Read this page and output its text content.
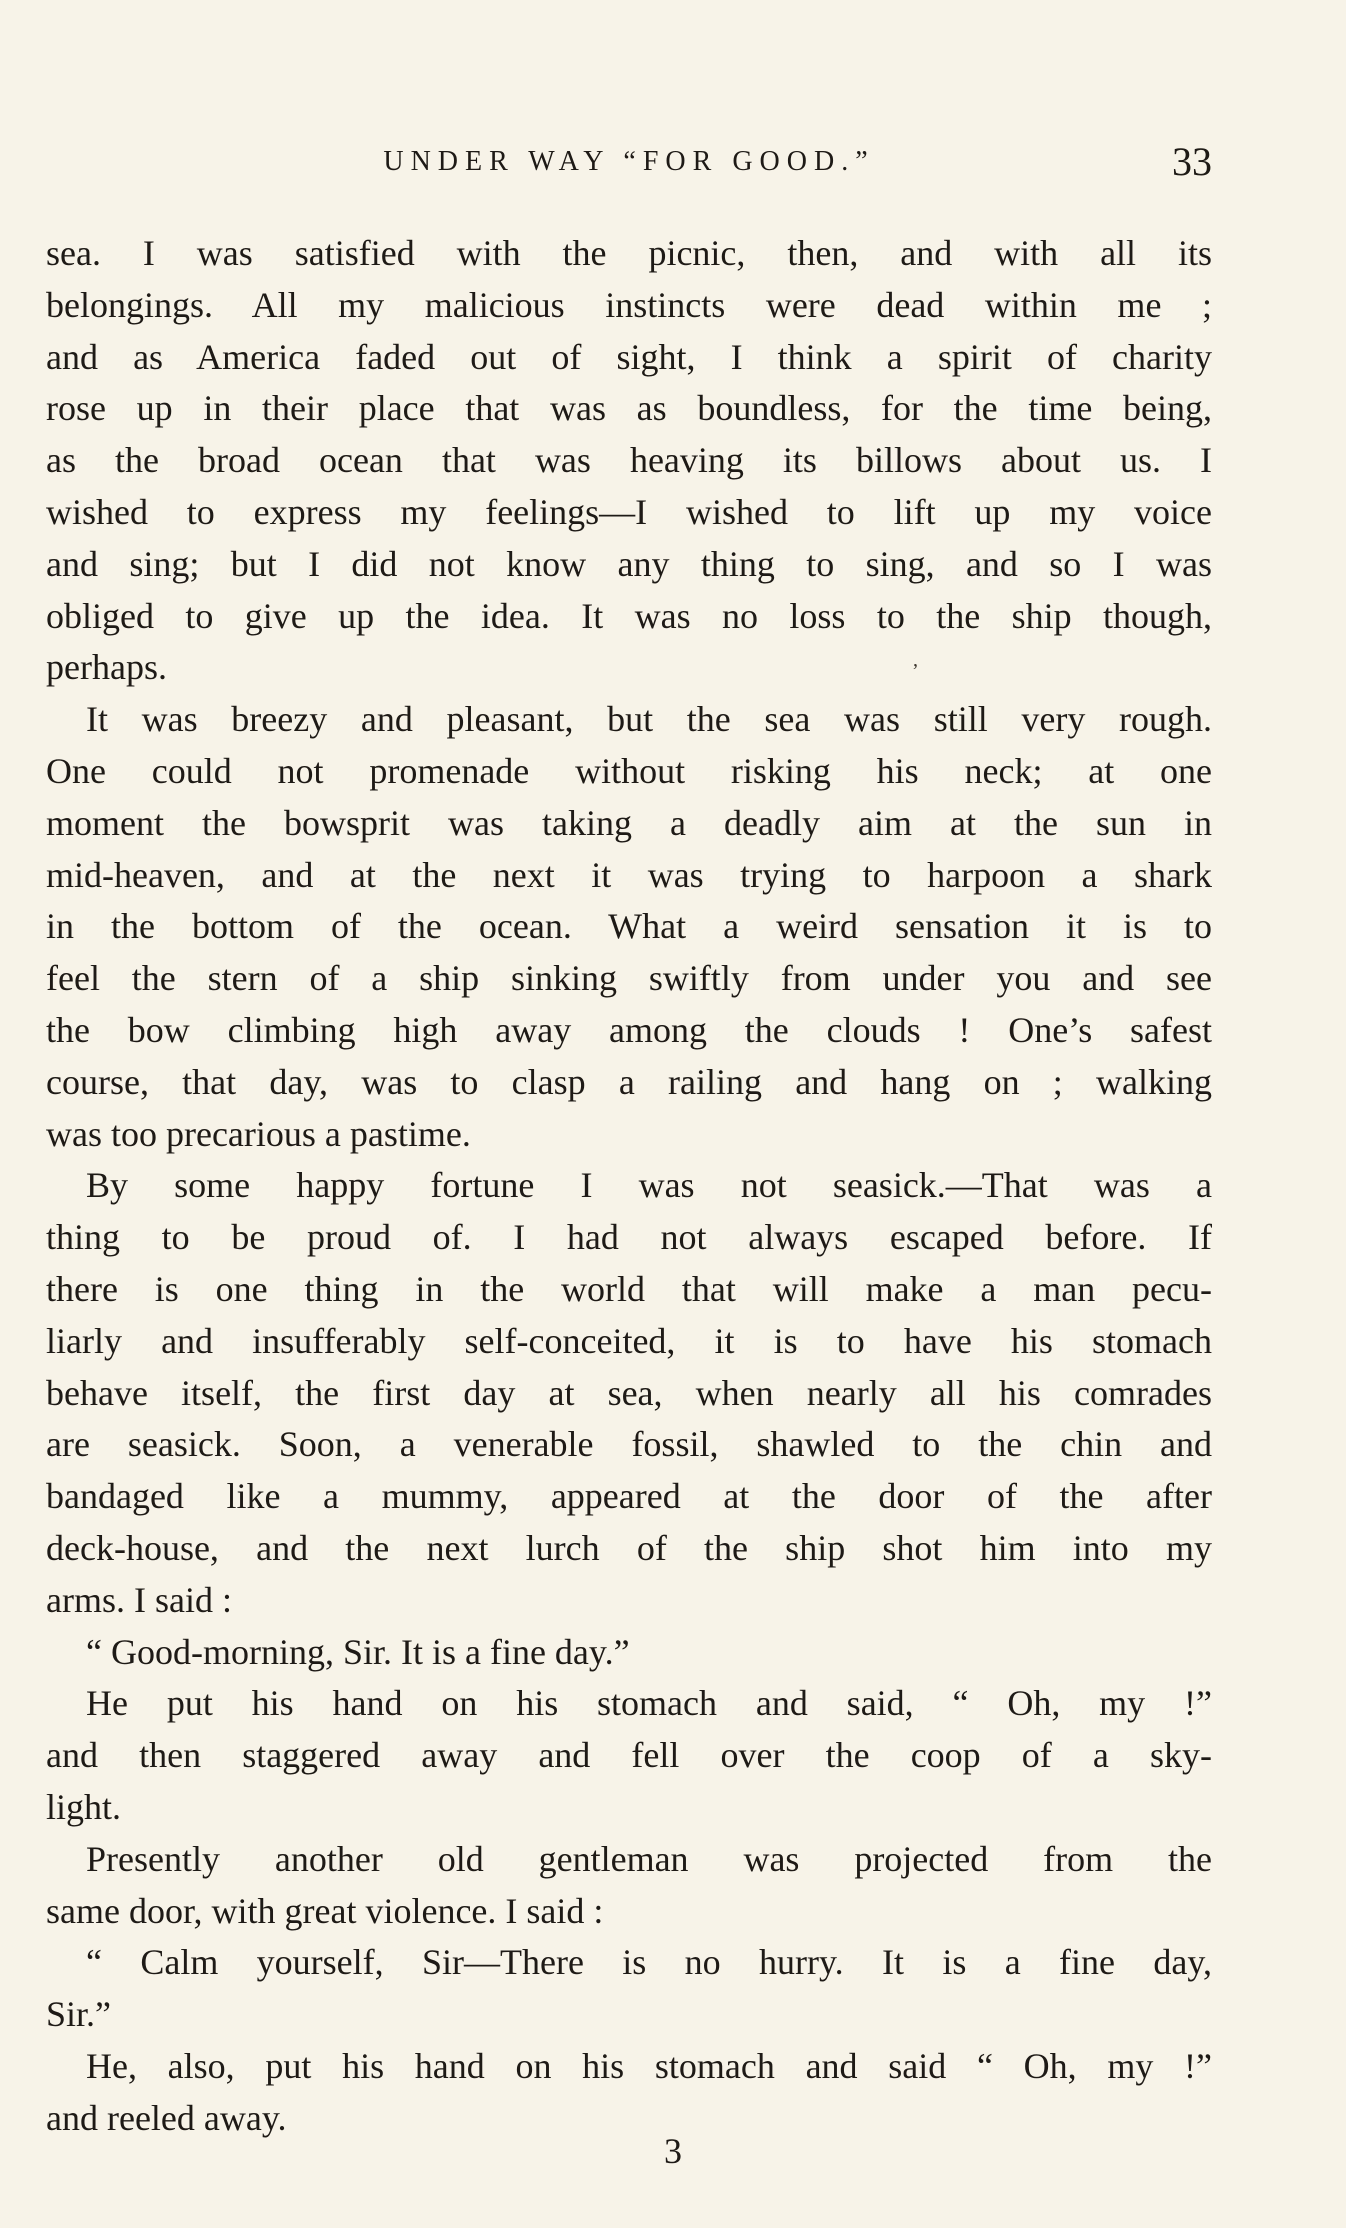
UNDER WAY “FOR GOOD.”	33
sea. I was satisfied with the picnic, then, and with all its
belongings. All my malicious instincts were dead within me ;
and as America faded out of sight, I think a spirit of charity
rose up in their place that was as boundless, for the time being,
as the broad ocean that was heaving its billows about us. I
wished to express my feelings—I wished to lift up my voice
and sing; but I did not know any thing to sing, and so I was
obliged to give up the idea. It was no loss to the ship though,
perhaps.
It was breezy and pleasant, but the sea was still very rough.
One could not promenade without risking his neck; at one
moment the bowsprit was taking a deadly aim at the sun in
mid-heaven, and at the next it was trying to harpoon a shark
in the bottom of the ocean. What a weird sensation it is to
feel the stern of a ship sinking swiftly from under you and see
the bow climbing high away among the clouds ! One’s safest
course, that day, was to clasp a railing and hang on ; walking
was too precarious a pastime.
By some happy fortune I was not seasick.—That was a
thing to be proud of. I had not always escaped before. If
there is one thing in the world that will make a man pecu-
liarly and insufferably self-conceited, it is to have his stomach
behave itself, the first day at sea, when nearly all his comrades
are seasick. Soon, a venerable fossil, shawled to the chin and
bandaged like a mummy, appeared at the door of the after
deck-house, and the next lurch of the ship shot him into my
arms. I said :
“ Good-morning, Sir. It is a fine day.”
He put his hand on his stomach and said, “ Oh, my !”
and then staggered away and fell over the coop of a sky-
light.
Presently another old gentleman was projected from the
same door, with great violence. I said :
“ Calm yourself, Sir—There is no hurry. It is a fine day,
Sir.”
He, also, put his hand on his stomach and said “ Oh, my !”
and reeled away.
’
3
